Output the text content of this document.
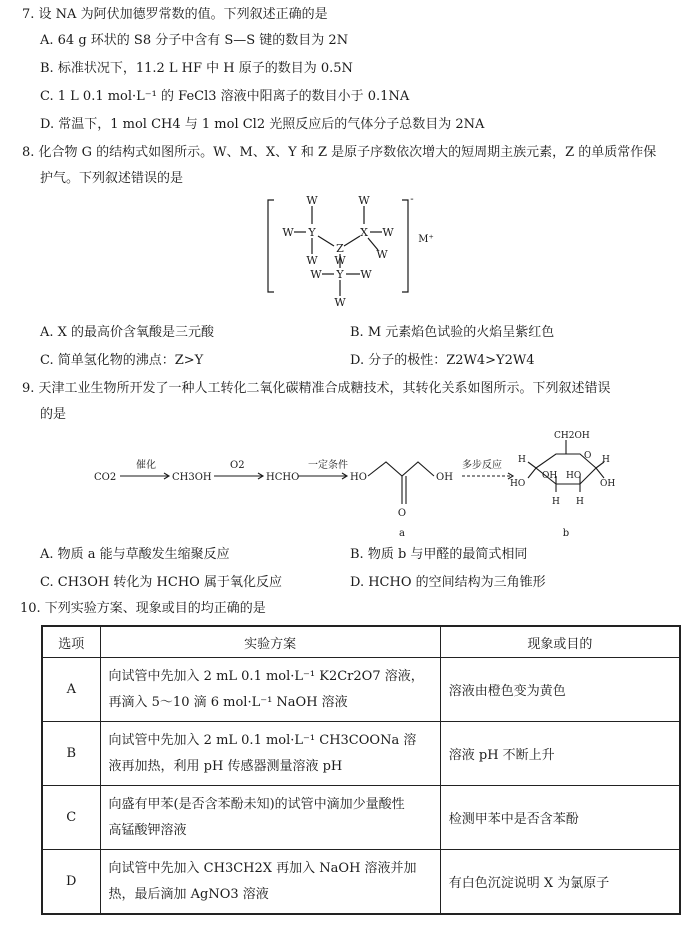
7. 设 NA 为阿伏加德罗常数的值。下列叙述正确的是
A. 64 g 环状的 S8 分子中含有 S—S 键的数目为 2N
B. 标准状况下，11.2 L HF 中 H 原子的数目为 0.5N
C. 1 L 0.1 mol·L⁻¹ 的 FeCl3 溶液中阳离子的数目小于 0.1NA
D. 常温下，1 mol CH4 与 1 mol Cl2 光照反应后的气体分子总数目为 2NA
8. 化合物 G 的结构式如图所示。W、M、X、Y 和 Z 是原子序数依次增大的短周期主族元素，Z 的单质常作保
护气。下列叙述错误的是
W	W
W
W
Y
Z
X W
W
W
W Y W
W
-
M⁺
A. X 的最高价含氧酸是三元酸	B. M 元素焰色试验的火焰呈紫红色
C. 简单氢化物的沸点：Z>Y	D. 分子的极性：Z2W4>Y2W4
9. 天津工业生物所开发了一种人工转化二氧化碳精准合成糖技术，其转化关系如图所示。下列叙述错误
的是
CO2
催化
CH3OH
O2
HCHO
一定条件
HO	OH
O
多步反应
a	b
CH2OH
O
H
HO
H
OH
OH HO
H H
A. 物质 a 能与草酸发生缩聚反应	B. 物质 b 与甲醛的最简式相同
C. CH3OH 转化为 HCHO 属于氧化反应	D. HCHO 的空间结构为三角锥形
10. 下列实验方案、现象或目的均正确的是
选项	实验方案	现象或目的
A	向试管中先加入 2 mL 0.1 mol·L⁻¹ K2Cr2O7 溶液，
再滴入 5～10 滴 6 mol·L⁻¹ NaOH 溶液	溶液由橙色变为黄色
B	向试管中先加入 2 mL 0.1 mol·L⁻¹ CH3COONa 溶
液再加热，利用 pH 传感器测量溶液 pH	溶液 pH 不断上升
C	向盛有甲苯(是否含苯酚未知)的试管中滴加少量酸性
高锰酸钾溶液	检测甲苯中是否含苯酚
D	向试管中先加入 CH3CH2X 再加入 NaOH 溶液并加
热，最后滴加 AgNO3 溶液	有白色沉淀说明 X 为氯原子
